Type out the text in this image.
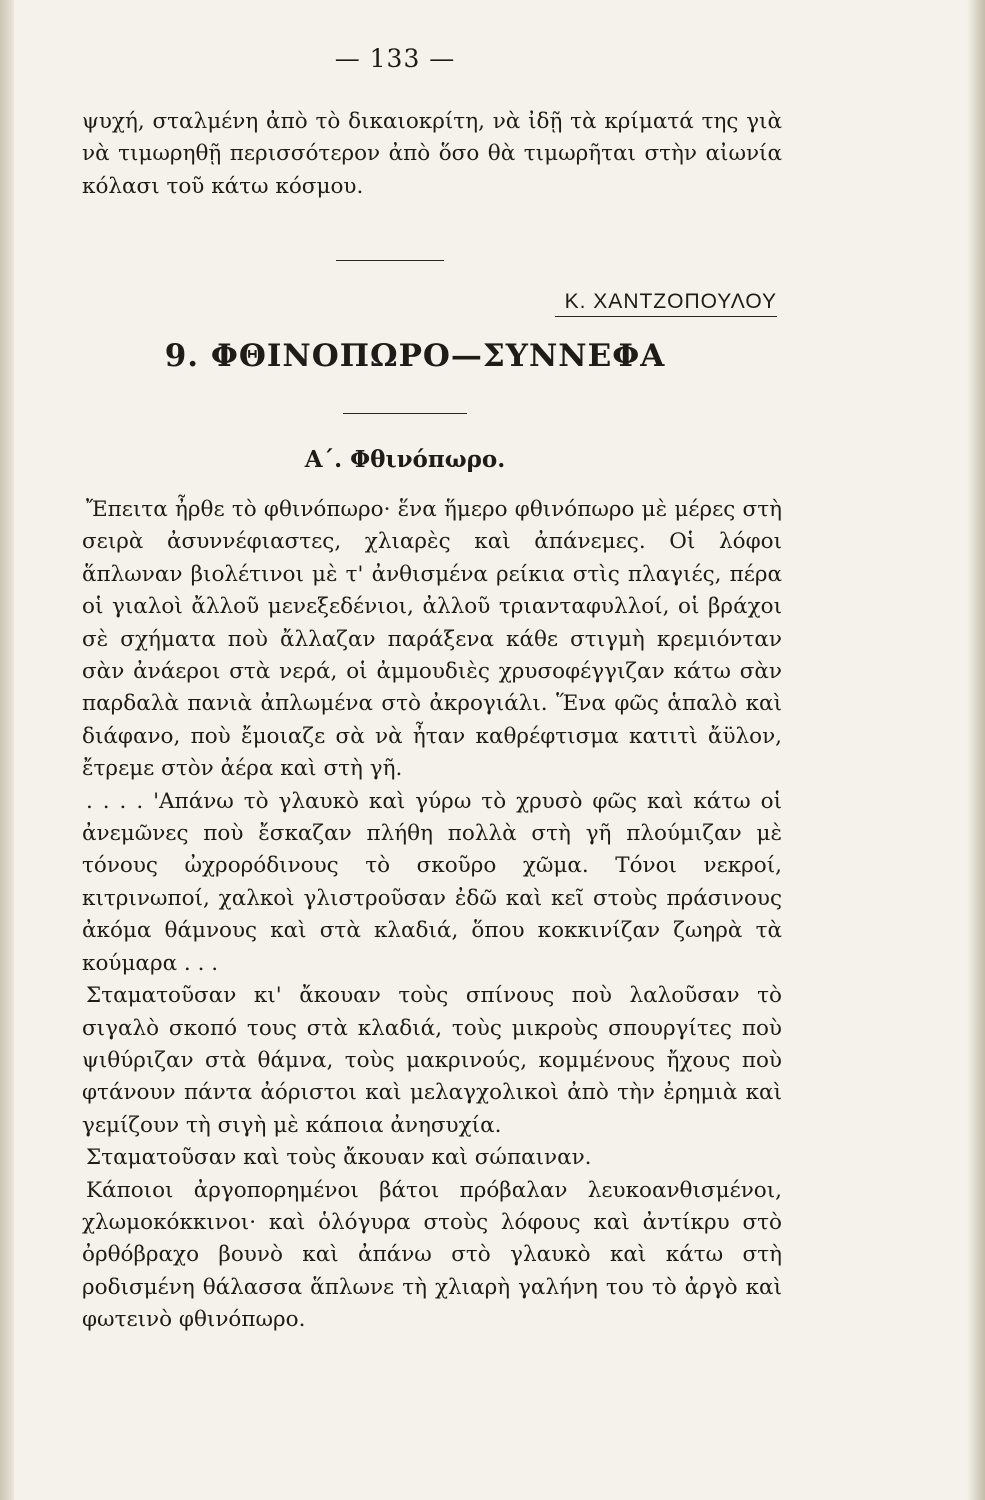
— 133 —

ψυχή, σταλμένη ἀπὸ τὸ δικαιοκρίτη, νὰ ἰδῇ τὰ κρίματά της γιὰ νὰ τιμωρηθῇ περισσότερον ἀπὸ ὅσο θὰ τιμωρῆται στὴν αἰωνία κόλασι τοῦ κάτω κόσμου.

Κ. ΧΑΝΤΖΟΠΟΥΛΟΥ
9. ΦΘΙΝΟΠΩΡΟ—ΣΥΝΝΕΦΑ
Α΄. Φθινόπωρο.

Ἔπειτα ἦρθε τὸ φθινόπωρο· ἕνα ἥμερο φθινόπωρο μὲ μέρες στὴ σειρὰ ἀσυννέφιαστες, χλιαρὲς καὶ ἀπάνεμες. Οἱ λόφοι ἅπλωναν βιολέτινοι μὲ τ' ἀνθισμένα ρείκια στὶς πλαγιές, πέρα οἱ γιαλοὶ ἄλλοῦ μενεξεδένιοι, ἀλλοῦ τριανταφυλλοί, οἱ βράχοι σὲ σχήματα ποὺ ἄλλαζαν παράξενα κάθε στιγμὴ κρεμιόνταν σὰν ἀνάεροι στὰ νερά, οἱ ἀμμουδιὲς χρυσοφέγγιζαν κάτω σὰν παρδαλὰ πανιὰ ἀπλωμένα στὸ ἀκρογιάλι. Ἕνα φῶς ἁπαλὸ καὶ διάφανο, ποὺ ἔμοιαζε σὰ νὰ ἦταν καθρέφτισμα κατιτὶ ἄϋλον, ἔτρεμε στὸν ἀέρα καὶ στὴ γῆ.

. . . . 'Απάνω τὸ γλαυκὸ καὶ γύρω τὸ χρυσὸ φῶς καὶ κάτω οἱ ἀνεμῶνες ποὺ ἔσκαζαν πλήθη πολλὰ στὴ γῆ πλούμιζαν μὲ τόνους ὠχρορόδινους τὸ σκοῦρο χῶμα. Τόνοι νεκροί, κιτρινωποί, χαλκοὶ γλιστροῦσαν ἐδῶ καὶ κεῖ στοὺς πράσινους ἀκόμα θάμνους καὶ στὰ κλαδιά, ὅπου κοκκινίζαν ζωηρὰ τὰ κούμαρα . . .

Σταματοῦσαν κι' ἄκουαν τοὺς σπίνους ποὺ λαλοῦσαν τὸ σιγαλὸ σκοπό τους στὰ κλαδιά, τοὺς μικροὺς σπουργίτες ποὺ ψιθύριζαν στὰ θάμνα, τοὺς μακρινούς, κομμένους ἤχους ποὺ φτάνουν πάντα ἀόριστοι καὶ μελαγχολικοὶ ἀπὸ τὴν ἐρημιὰ καὶ γεμίζουν τὴ σιγὴ μὲ κάποια ἀνησυχία.

Σταματοῦσαν καὶ τοὺς ἄκουαν καὶ σώπαιναν.

Κάποιοι ἀργοπορημένοι βάτοι πρόβαλαν λευκοανθισμένοι, χλωμοκόκκινοι· καὶ ὁλόγυρα στοὺς λόφους καὶ ἀντίκρυ στὸ ὀρθόβραχο βουνὸ καὶ ἀπάνω στὸ γλαυκὸ καὶ κάτω στὴ ροδισμένη θάλασσα ἅπλωνε τὴ χλιαρὴ γαλήνη του τὸ ἀργὸ καὶ φωτεινὸ φθινόπωρο.
